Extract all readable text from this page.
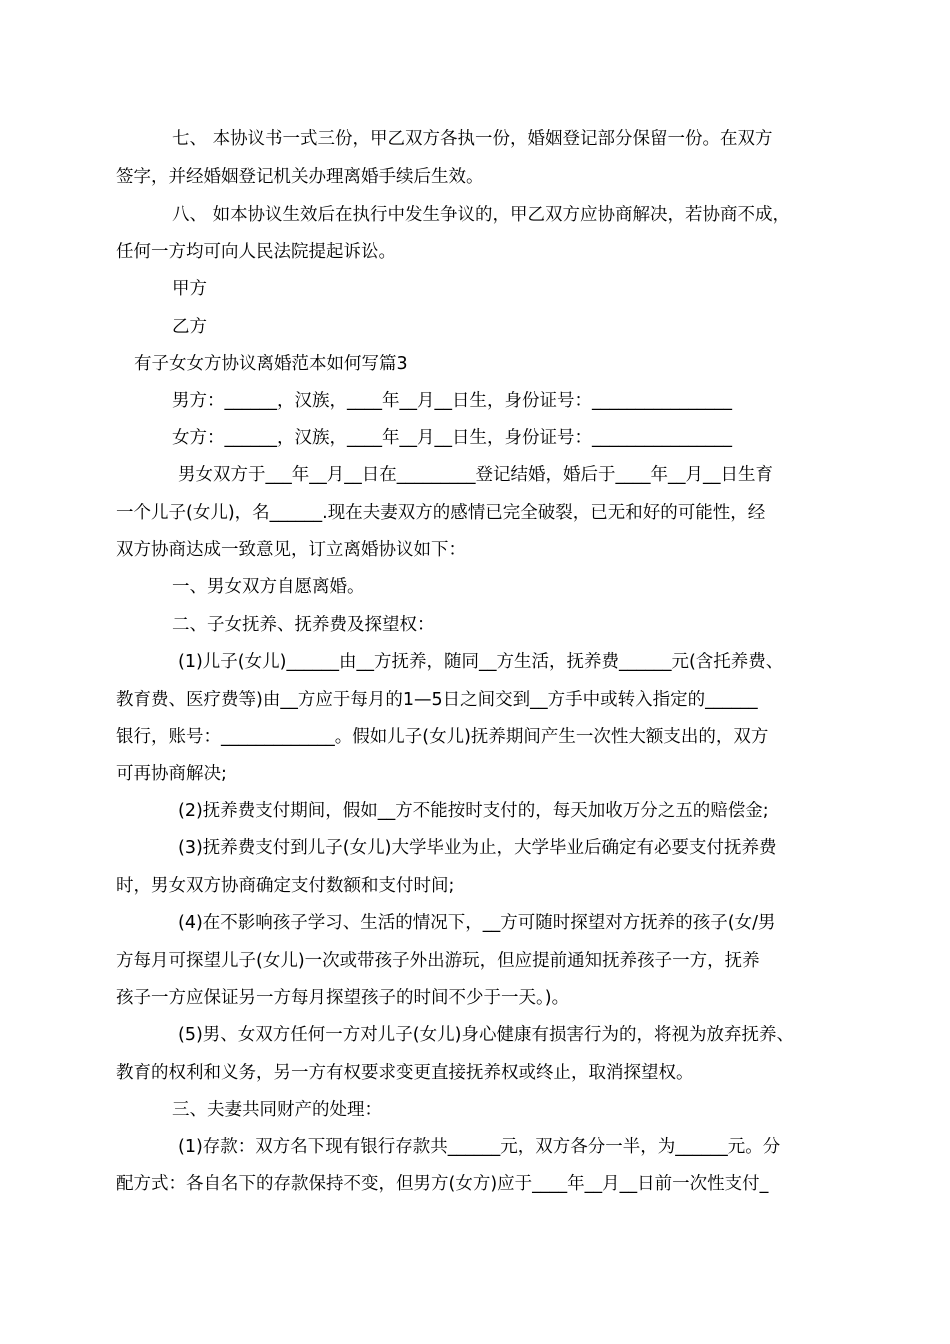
七、 本协议书一式三份，甲乙双方各执一份，婚姻登记部分保留一份。在双方
签字，并经婚姻登记机关办理离婚手续后生效。
八、 如本协议生效后在执行中发生争议的，甲乙双方应协商解决，若协商不成，
任何一方均可向人民法院提起诉讼。
甲方
乙方
有子女女方协议离婚范本如何写篇3
男方：______，汉族，____年__月__日生，身份证号：________________
女方：______，汉族，____年__月__日生，身份证号：________________
男女双方于___年__月__日在_________登记结婚，婚后于____年__月__日生育
一个儿子(女儿)，名______.现在夫妻双方的感情已完全破裂，已无和好的可能性，经
双方协商达成一致意见，订立离婚协议如下：
一、男女双方自愿离婚。
二、子女抚养、抚养费及探望权：
(1)儿子(女儿)______由__方抚养，随同__方生活，抚养费______元(含托养费、
教育费、医疗费等)由__方应于每月的1—5日之间交到__方手中或转入指定的______
银行，账号：_____________。假如儿子(女儿)抚养期间产生一次性大额支出的，双方
可再协商解决;
(2)抚养费支付期间，假如__方不能按时支付的，每天加收万分之五的赔偿金;
(3)抚养费支付到儿子(女儿)大学毕业为止，大学毕业后确定有必要支付抚养费
时，男女双方协商确定支付数额和支付时间;
(4)在不影响孩子学习、生活的情况下，__方可随时探望对方抚养的孩子(女/男
方每月可探望儿子(女儿)一次或带孩子外出游玩，但应提前通知抚养孩子一方，抚养
孩子一方应保证另一方每月探望孩子的时间不少于一天。)。
(5)男、女双方任何一方对儿子(女儿)身心健康有损害行为的，将视为放弃抚养、
教育的权利和义务，另一方有权要求变更直接抚养权或终止，取消探望权。
三、夫妻共同财产的处理：
(1)存款：双方名下现有银行存款共______元，双方各分一半，为______元。分
配方式：各自名下的存款保持不变，但男方(女方)应于____年__月__日前一次性支付_
